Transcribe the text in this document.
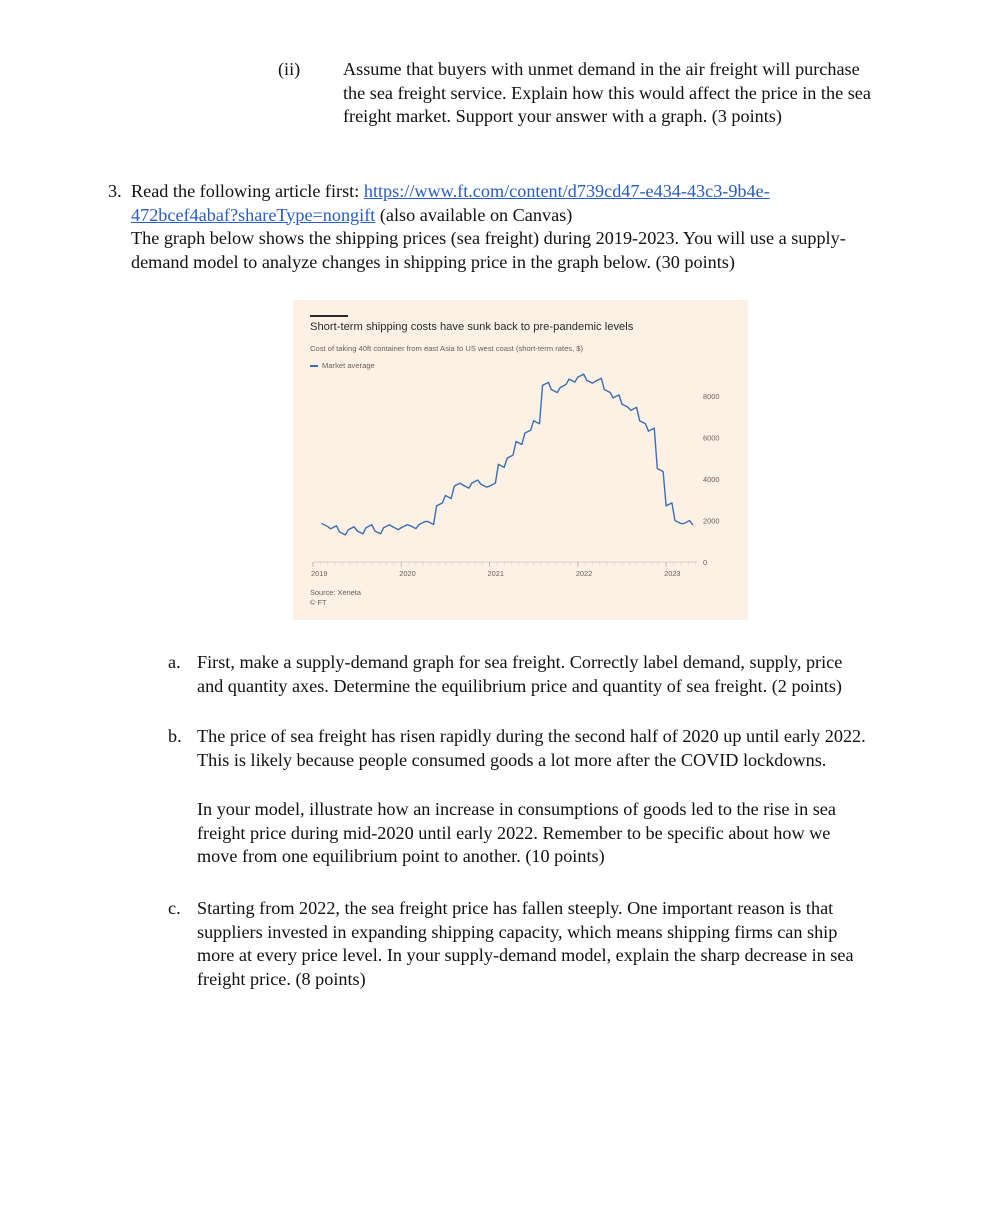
(ii) Assume that buyers with unmet demand in the air freight will purchase
the sea freight service. Explain how this would affect the price in the sea
freight market. Support your answer with a graph. (3 points)
3. Read the following article first: https://www.ft.com/content/d739cd47-e434-43c3-9b4e-
472bcef4abaf?shareType=nongift (also available on Canvas)
The graph below shows the shipping prices (sea freight) during 2019-2023. You will use a supply-
demand model to analyze changes in shipping price in the graph below. (30 points)
Short-term shipping costs have sunk back to pre-pandemic levels
Cost of taking 40ft container from east Asia to US west coast (short-term rates, $)
Market average
0
2000
4000
6000
8000
2019	2020	2021	2022	2023
Source: Xeneta
© FT
a. First, make a supply-demand graph for sea freight. Correctly label demand, supply, price
and quantity axes. Determine the equilibrium price and quantity of sea freight. (2 points)
b. The price of sea freight has risen rapidly during the second half of 2020 up until early 2022.
This is likely because people consumed goods a lot more after the COVID lockdowns.
In your model, illustrate how an increase in consumptions of goods led to the rise in sea
freight price during mid-2020 until early 2022. Remember to be specific about how we
move from one equilibrium point to another. (10 points)
c. Starting from 2022, the sea freight price has fallen steeply. One important reason is that
suppliers invested in expanding shipping capacity, which means shipping firms can ship
more at every price level. In your supply-demand model, explain the sharp decrease in sea
freight price. (8 points)
